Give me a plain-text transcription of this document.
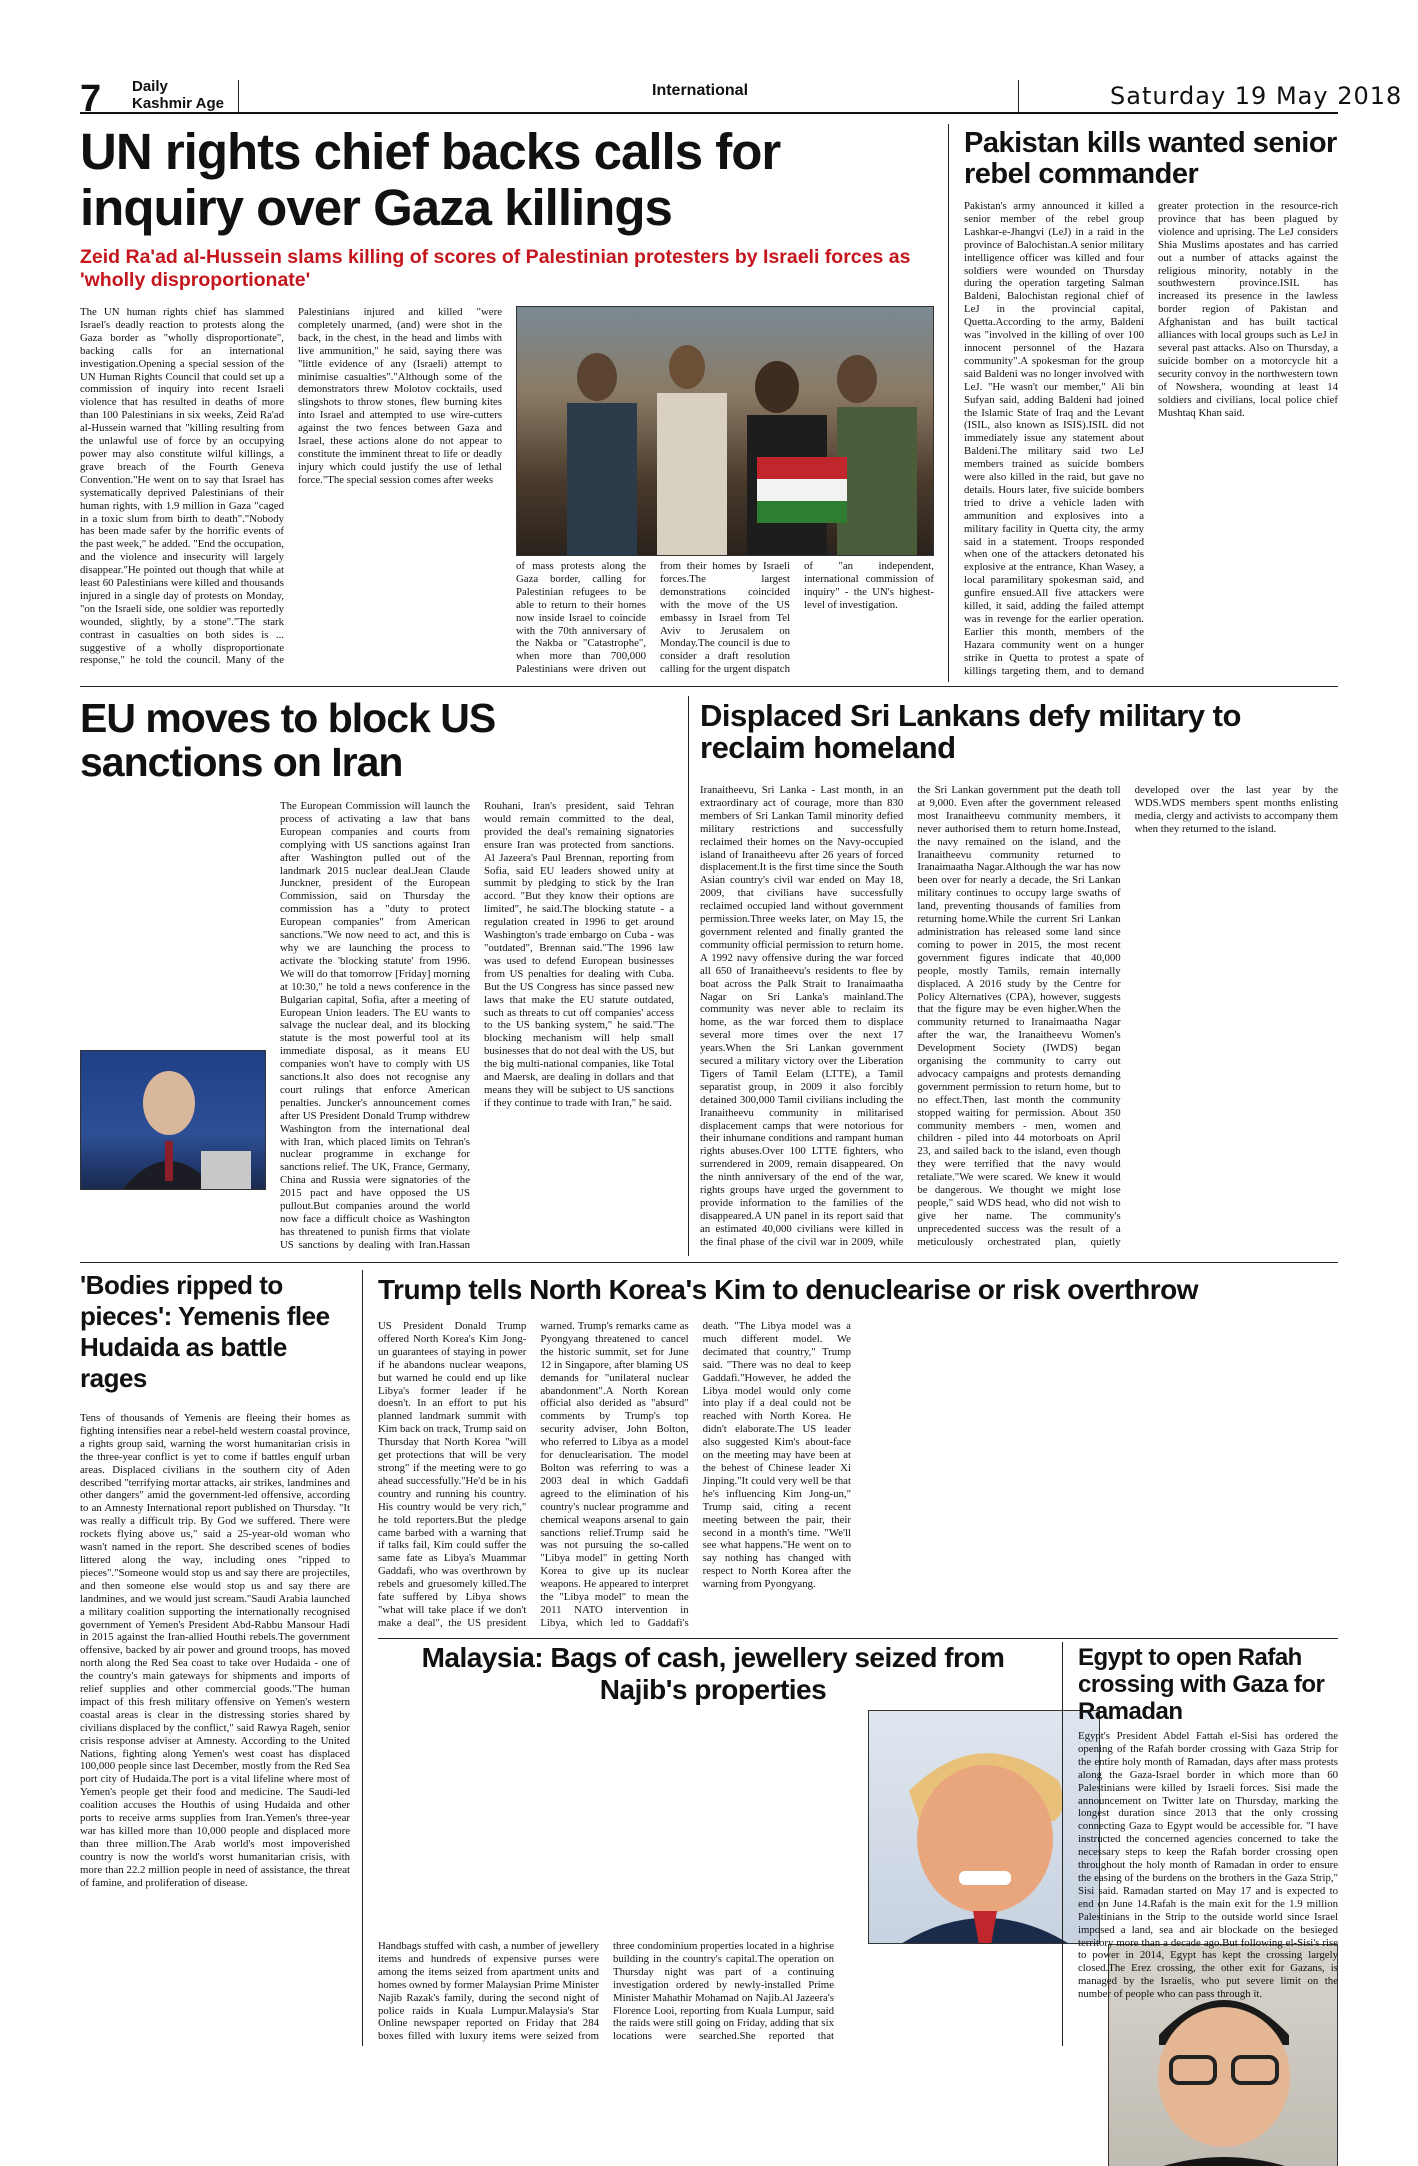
7 Daily
Kashmir Age
International	Saturday 19 May 2018
UN rights chief backs calls for inquiry over Gaza killings
Zeid Ra'ad al-Hussein slams killing of scores of Palestinian protesters by Israeli forces as 'wholly disproportionate'
The UN human rights chief has slammed Israel's deadly reaction to protests along the Gaza border as "wholly disproportionate", backing calls for an international investigation.Opening a special session of the UN Human Rights Council that could set up a commission of inquiry into recent Israeli violence that has resulted in deaths of more than 100 Palestinians in six weeks, Zeid Ra'ad al-Hussein warned that "killing resulting from the unlawful use of force by an occupying power may also constitute wilful killings, a grave breach of the Fourth Geneva Convention."He went on to say that Israel has systematically deprived Palestinians of their human rights, with 1.9 million in Gaza "caged in a toxic slum from birth to death"."Nobody has been made safer by the horrific events of the past week," he added. "End the occupation, and the violence and insecurity will largely disappear."He pointed out though that while at least 60 Palestinians were killed and thousands injured in a single day of protests on Monday, "on the Israeli side, one soldier was reportedly wounded, slightly, by a stone"."The stark contrast in casualties on both sides is ... suggestive of a wholly disproportionate response," he told the council. Many of the Palestinians injured and killed "were completely unarmed, (and) were shot in the back, in the chest, in the head and limbs with live ammunition," he said, saying there was "little evidence of any (Israeli) attempt to minimise casualties"."Although some of the demonstrators threw Molotov cocktails, used slingshots to throw stones, flew burning kites into Israel and attempted to use wire-cutters against the two fences between Gaza and Israel, these actions alone do not appear to constitute the imminent threat to life or deadly injury which could justify the use of lethal force."The special session comes after weeks
of mass protests along the Gaza border, calling for Palestinian refugees to be able to return to their homes now inside Israel to coincide with the 70th anniversary of the Nakba or "Catastrophe", when more than 700,000 Palestinians were driven out from their homes by Israeli forces.The largest demonstrations coincided with the move of the US embassy in Israel from Tel Aviv to Jerusalem on Monday.The council is due to consider a draft resolution calling for the urgent dispatch of "an independent, international commission of inquiry" - the UN's highest-level of investigation.
Pakistan kills wanted senior rebel commander
Pakistan's army announced it killed a senior member of the rebel group Lashkar-e-Jhangvi (LeJ) in a raid in the province of Balochistan.A senior military intelligence officer was killed and four soldiers were wounded on Thursday during the operation targeting Salman Baldeni, Balochistan regional chief of LeJ in the provincial capital, Quetta.According to the army, Baldeni was "involved in the killing of over 100 innocent personnel of the Hazara community".A spokesman for the group said Baldeni was no longer involved with LeJ. "He wasn't our member," Ali bin Sufyan said, adding Baldeni had joined the Islamic State of Iraq and the Levant (ISIL, also known as ISIS).ISIL did not immediately issue any statement about Baldeni.The military said two LeJ members trained as suicide bombers were also killed in the raid, but gave no details. Hours later, five suicide bombers tried to drive a vehicle laden with ammunition and explosives into a military facility in Quetta city, the army said in a statement. Troops responded when one of the attackers detonated his explosive at the entrance, Khan Wasey, a local paramilitary spokesman said, and gunfire ensued.All five attackers were killed, it said, adding the failed attempt was in revenge for the earlier operation. Earlier this month, members of the Hazara community went on a hunger strike in Quetta to protest a spate of killings targeting them, and to demand greater protection in the resource-rich province that has been plagued by violence and uprising. The LeJ considers Shia Muslims apostates and has carried out a number of attacks against the religious minority, notably in the southwestern province.ISIL has increased its presence in the lawless border region of Pakistan and Afghanistan and has built tactical alliances with local groups such as LeJ in several past attacks. Also on Thursday, a suicide bomber on a motorcycle hit a security convoy in the northwestern town of Nowshera, wounding at least 14 soldiers and civilians, local police chief Mushtaq Khan said.
EU moves to block US sanctions on Iran
The European Commission will launch the process of activating a law that bans European companies and courts from complying with US sanctions against Iran after Washington pulled out of the landmark 2015 nuclear deal.Jean Claude Junckner, president of the European Commission, said on Thursday the commission has a "duty to protect European companies" from American sanctions."We now need to act, and this is why we are launching the process to activate the 'blocking statute' from 1996. We will do that tomorrow [Friday] morning at 10:30," he told a news conference in the Bulgarian capital, Sofia, after a meeting of European Union leaders. The EU wants to salvage the nuclear deal, and its blocking statute is the most powerful tool at its immediate disposal, as it means EU companies won't have to comply with US sanctions.It also does not recognise any court rulings that enforce American penalties. Juncker's announcement comes after US President Donald Trump withdrew Washington from the international deal with Iran, which placed limits on Tehran's nuclear programme in exchange for sanctions relief. The UK, France, Germany, China and Russia were signatories of the 2015 pact and have opposed the US pullout.But companies around the world now face a difficult choice as Washington has threatened to punish firms that violate US sanctions by dealing with Iran.Hassan Rouhani, Iran's president, said Tehran would remain committed to the deal, provided the deal's remaining signatories ensure Iran was protected from sanctions. Al Jazeera's Paul Brennan, reporting from Sofia, said EU leaders showed unity at summit by pledging to stick by the Iran accord. "But they know their options are limited", he said.The blocking statute - a regulation created in 1996 to get around Washington's trade embargo on Cuba - was "outdated", Brennan said."The 1996 law was used to defend European businesses from US penalties for dealing with Cuba. But the US Congress has since passed new laws that make the EU statute outdated, such as threats to cut off companies' access to the US banking system," he said."The blocking mechanism will help small businesses that do not deal with the US, but the big multi-national companies, like Total and Maersk, are dealing in dollars and that means they will be subject to US sanctions if they continue to trade with Iran," he said.
Displaced Sri Lankans defy military to reclaim homeland
Iranaitheevu, Sri Lanka - Last month, in an extraordinary act of courage, more than 830 members of Sri Lankan Tamil minority defied military restrictions and successfully reclaimed their homes on the Navy-occupied island of Iranaitheevu after 26 years of forced displacement.It is the first time since the South Asian country's civil war ended on May 18, 2009, that civilians have successfully reclaimed occupied land without government permission.Three weeks later, on May 15, the government relented and finally granted the community official permission to return home. A 1992 navy offensive during the war forced all 650 of Iranaitheevu's residents to flee by boat across the Palk Strait to Iranaimaatha Nagar on Sri Lanka's mainland.The community was never able to reclaim its home, as the war forced them to displace several more times over the next 17 years.When the Sri Lankan government secured a military victory over the Liberation Tigers of Tamil Eelam (LTTE), a Tamil separatist group, in 2009 it also forcibly detained 300,000 Tamil civilians including the Iranaitheevu community in militarised displacement camps that were notorious for their inhumane conditions and rampant human rights abuses.Over 100 LTTE fighters, who surrendered in 2009, remain disappeared. On the ninth anniversary of the end of the war, rights groups have urged the government to provide information to the families of the disappeared.A UN panel in its report said that an estimated 40,000 civilians were killed in the final phase of the civil war in 2009, while the Sri Lankan government put the death toll at 9,000. Even after the government released most Iranaitheevu community members, it never authorised them to return home.Instead, the navy remained on the island, and the Iranaitheevu community returned to Iranaimaatha Nagar.Although the war has now been over for nearly a decade, the Sri Lankan military continues to occupy large swaths of land, preventing thousands of families from returning home.While the current Sri Lankan administration has released some land since coming to power in 2015, the most recent government figures indicate that 40,000 people, mostly Tamils, remain internally displaced. A 2016 study by the Centre for Policy Alternatives (CPA), however, suggests that the figure may be even higher.When the community returned to Iranaimaatha Nagar after the war, the Iranaitheevu Women's Development Society (IWDS) began organising the community to carry out advocacy campaigns and protests demanding government permission to return home, but to no effect.Then, last month the community stopped waiting for permission. About 350 community members - men, women and children - piled into 44 motorboats on April 23, and sailed back to the island, even though they were terrified that the navy would retaliate."We were scared. We knew it would be dangerous. We thought we might lose people," said WDS head, who did not wish to give her name. The community's unprecedented success was the result of a meticulously orchestrated plan, quietly developed over the last year by the WDS.WDS members spent months enlisting media, clergy and activists to accompany them when they returned to the island.
'Bodies ripped to pieces': Yemenis flee Hudaida as battle rages
Tens of thousands of Yemenis are fleeing their homes as fighting intensifies near a rebel-held western coastal province, a rights group said, warning the worst humanitarian crisis in the three-year conflict is yet to come if battles engulf urban areas. Displaced civilians in the southern city of Aden described "terrifying mortar attacks, air strikes, landmines and other dangers" amid the government-led offensive, according to an Amnesty International report published on Thursday. "It was really a difficult trip. By God we suffered. There were rockets flying above us," said a 25-year-old woman who wasn't named in the report. She described scenes of bodies littered along the way, including ones "ripped to pieces"."Someone would stop us and say there are projectiles, and then someone else would stop us and say there are landmines, and we would just scream."Saudi Arabia launched a military coalition supporting the internationally recognised government of Yemen's President Abd-Rabbu Mansour Hadi in 2015 against the Iran-allied Houthi rebels.The government offensive, backed by air power and ground troops, has moved north along the Red Sea coast to take over Hudaida - one of the country's main gateways for shipments and imports of relief supplies and other commercial goods."The human impact of this fresh military offensive on Yemen's western coastal areas is clear in the distressing stories shared by civilians displaced by the conflict," said Rawya Rageh, senior crisis response adviser at Amnesty. According to the United Nations, fighting along Yemen's west coast has displaced 100,000 people since last December, mostly from the Red Sea port city of Hudaida.The port is a vital lifeline where most of Yemen's people get their food and medicine. The Saudi-led coalition accuses the Houthis of using Hudaida and other ports to receive arms supplies from Iran.Yemen's three-year war has killed more than 10,000 people and displaced more than three million.The Arab world's most impoverished country is now the world's worst humanitarian crisis, with more than 22.2 million people in need of assistance, the threat of famine, and proliferation of disease.
Trump tells North Korea's Kim to denuclearise or risk overthrow
US President Donald Trump offered North Korea's Kim Jong-un guarantees of staying in power if he abandons nuclear weapons, but warned he could end up like Libya's former leader if he doesn't. In an effort to put his planned landmark summit with Kim back on track, Trump said on Thursday that North Korea "will get protections that will be very strong" if the meeting were to go ahead successfully."He'd be in his country and running his country. His country would be very rich," he told reporters.But the pledge came barbed with a warning that if talks fail, Kim could suffer the same fate as Libya's Muammar Gaddafi, who was overthrown by rebels and gruesomely killed.The fate suffered by Libya shows "what will take place if we don't make a deal", the US president warned. Trump's remarks came as Pyongyang threatened to cancel the historic summit, set for June 12 in Singapore, after blaming US demands for "unilateral nuclear abandonment".A North Korean official also derided as "absurd" comments by Trump's top security adviser, John Bolton, who referred to Libya as a model for denuclearisation. The model Bolton was referring to was a 2003 deal in which Gaddafi agreed to the elimination of his country's nuclear programme and chemical weapons arsenal to gain sanctions relief.Trump said he was not pursuing the so-called "Libya model" in getting North Korea to give up its nuclear weapons. He appeared to interpret the "Libya model" to mean the 2011 NATO intervention in Libya, which led to Gaddafi's death. "The Libya model was a much different model. We decimated that country," Trump said. "There was no deal to keep Gaddafi."However, he added the Libya model would only come into play if a deal could not be reached with North Korea. He didn't elaborate.The US leader also suggested Kim's about-face on the meeting may have been at the behest of Chinese leader Xi Jinping."It could very well be that he's influencing Kim Jong-un," Trump said, citing a recent meeting between the pair, their second in a month's time. "We'll see what happens."He went on to say nothing has changed with respect to North Korea after the warning from Pyongyang.
Malaysia: Bags of cash, jewellery seized from Najib's properties
Handbags stuffed with cash, a number of jewellery items and hundreds of expensive purses were among the items seized from apartment units and homes owned by former Malaysian Prime Minister Najib Razak's family, during the second night of police raids in Kuala Lumpur.Malaysia's Star Online newspaper reported on Friday that 284 boxes filled with luxury items were seized from three condominium properties located in a highrise building in the country's capital.The operation on Thursday night was part of a continuing investigation ordered by newly-installed Prime Minister Mahathir Mohamad on Najib.Al Jazeera's Florence Looi, reporting from Kuala Lumpur, said the raids were still going on Friday, adding that six locations were searched.She reported that
Egypt to open Rafah crossing with Gaza for Ramadan
Egypt's President Abdel Fattah el-Sisi has ordered the opening of the Rafah border crossing with Gaza Strip for the entire holy month of Ramadan, days after mass protests along the Gaza-Israel border in which more than 60 Palestinians were killed by Israeli forces. Sisi made the announcement on Twitter late on Thursday, marking the longest duration since 2013 that the only crossing connecting Gaza to Egypt would be accessible for. "I have instructed the concerned agencies concerned to take the necessary steps to keep the Rafah border crossing open throughout the holy month of Ramadan in order to ensure the easing of the burdens on the brothers in the Gaza Strip," Sisi said. Ramadan started on May 17 and is expected to end on June 14.Rafah is the main exit for the 1.9 million Palestinians in the Strip to the outside world since Israel imposed a land, sea and air blockade on the besieged territory more than a decade ago.But following el-Sisi's rise to power in 2014, Egypt has kept the crossing largely closed.The Erez crossing, the other exit for Gazans, is managed by the Israelis, who put severe limit on the number of people who can pass through it.
